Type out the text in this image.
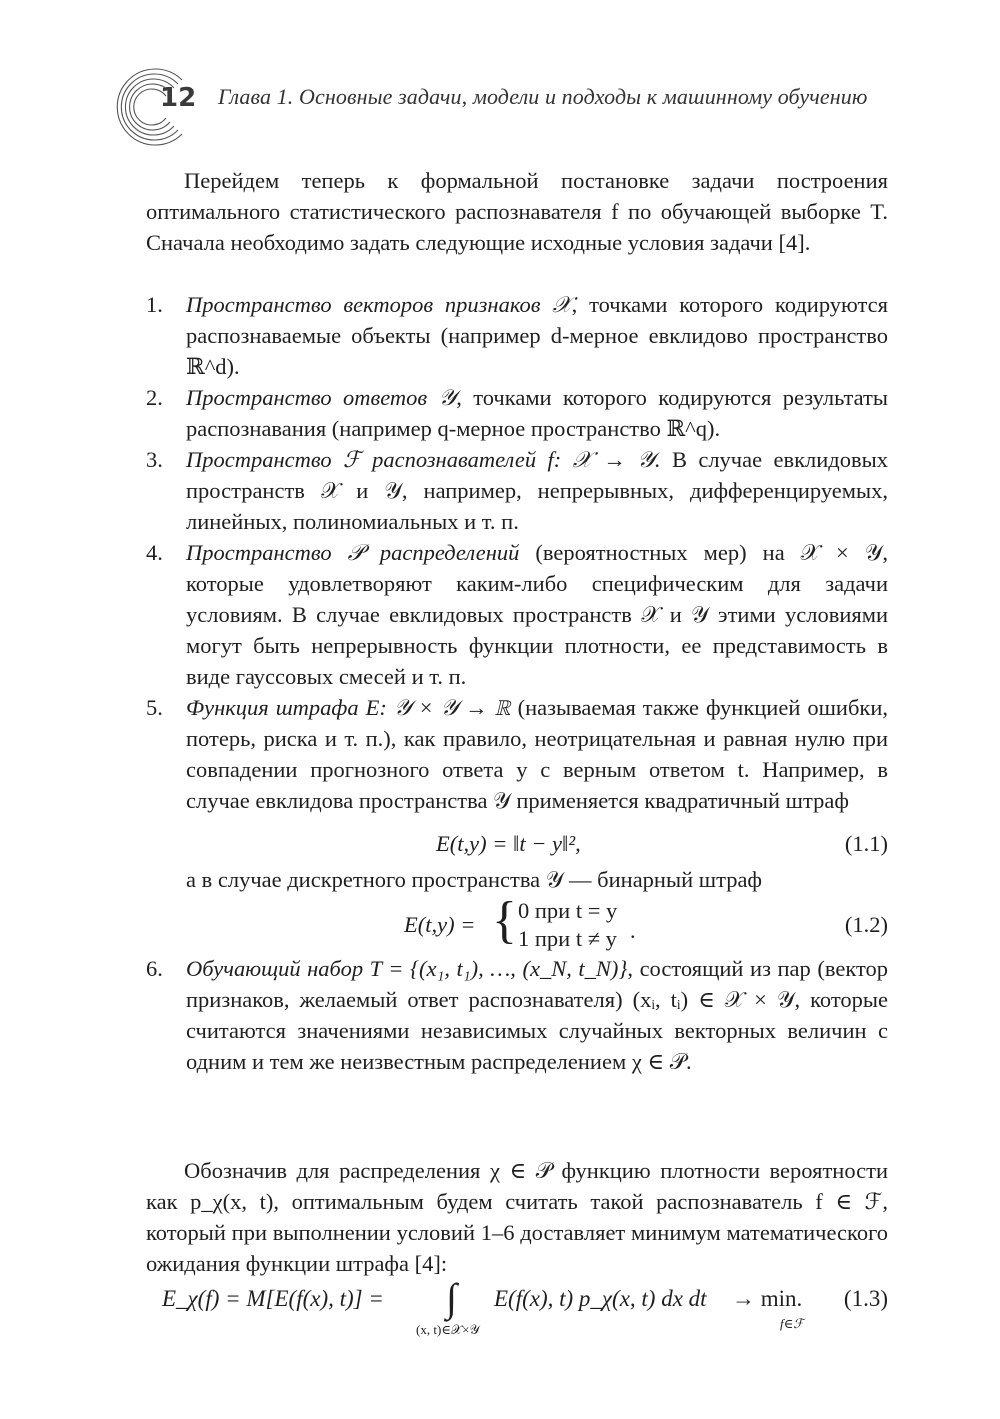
12 Глава 1. Основные задачи, модели и подходы к машинному обучению

Перейдем теперь к формальной постановке задачи построения оптимального статистического распознавателя f по обучающей выборке T. Сначала необходимо задать следующие исходные условия задачи [4].

1. Пространство векторов признаков 𝒳, точками которого кодируются распознаваемые объекты (например d-мерное евклидово пространство ℝ^d).

2. Пространство ответов 𝒴, точками которого кодируются результаты распознавания (например q-мерное пространство ℝ^q).

3. Пространство ℱ распознавателей f: 𝒳 → 𝒴. В случае евклидовых пространств 𝒳 и 𝒴, например, непрерывных, дифференцируемых, линейных, полиномиальных и т. п.

4. Пространство 𝒫 распределений (вероятностных мер) на 𝒳 × 𝒴, которые удовлетворяют каким-либо специфическим для задачи условиям. В случае евклидовых пространств 𝒳 и 𝒴 этими условиями могут быть непрерывность функции плотности, ее представимость в виде гауссовых смесей и т. п.

5. Функция штрафа E: 𝒴 × 𝒴 → ℝ (называемая также функцией ошибки, потерь, риска и т. п.), как правило, неотрицательная и равная нулю при совпадении прогнозного ответа y с верным ответом t. Например, в случае евклидова пространства 𝒴 применяется квадратичный штраф

E(t,y) = ‖t − y‖²,	(1.1)

а в случае дискретного пространства 𝒴 — бинарный штраф

E(t,y) = { 0 при t = y
1 при t ≠ y .	(1.2)

6. Обучающий набор T = {(x₁, t₁), …, (x_N, t_N)}, состоящий из пар (вектор признаков, желаемый ответ распознавателя) (xᵢ, tᵢ) ∈ 𝒳 × 𝒴, которые считаются значениями независимых случайных векторных величин с одним и тем же неизвестным распределением χ ∈ 𝒫.

Обозначив для распределения χ ∈ 𝒫 функцию плотности вероятности как p_χ(x, t), оптимальным будем считать такой распознаватель f ∈ ℱ, который при выполнении условий 1–6 доставляет минимум математического ожидания функции штрафа [4]:

E_χ(f) = M[E(f(x), t)] = ∫
(x, t)∈𝒳×𝒴
E(f(x), t) p_χ(x, t) dx dt → min.
f∈ℱ
(1.3)
